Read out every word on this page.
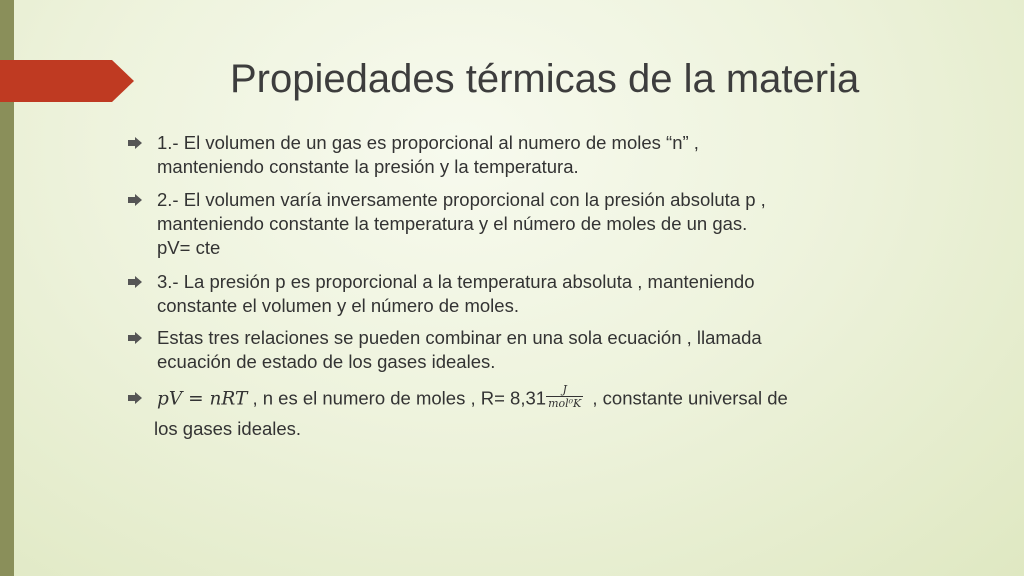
Propiedades térmicas de la materia
1.- El volumen de un gas es proporcional al numero de moles “n” ,
manteniendo constante la presión y la temperatura.
2.- El volumen varía inversamente proporcional con la presión absoluta p ,
manteniendo constante la temperatura y el número de moles de un gas.
pV= cte
3.- La presión p es proporcional a la temperatura absoluta , manteniendo
constante el volumen y el número de moles.
Estas tres relaciones se pueden combinar en una sola ecuación , llamada
ecuación de estado de los gases ideales.
pV = nRT , n es el numero de moles , $R= 8,31 \frac{J}{\text{mol⁰K}}$ , constante universal de
los gases ideales.
